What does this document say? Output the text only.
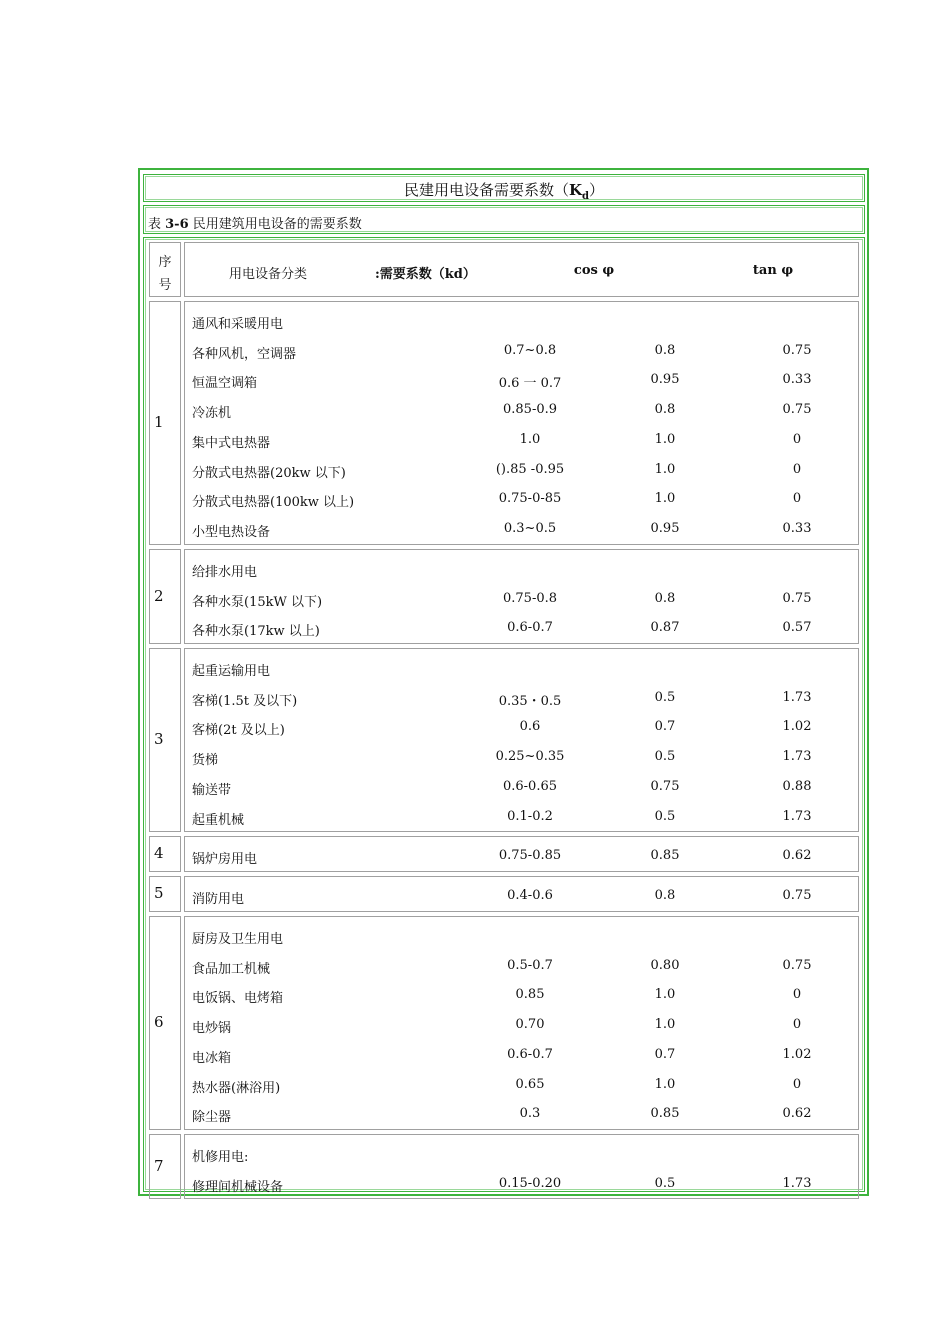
民建用电设备需要系数$(K_d)$
表 3-6 民用建筑用电设备的需要系数
序
号
用电设备分类	:需要系数（kd）	cos φ	tan φ
1
通风和采暖用电
各种风机，空调器	0.7~0.8	0.8	0.75
恒温空调箱	0.6 一 0.7	0.95	0.33
冷冻机	0.85-0.9	0.8	0.75
集中式电热器	1.0	1.0	0
分散式电热器(20kw 以下)	().85 -0.95	1.0	0
分散式电热器(100kw 以上)	0.75-0-85	1.0	0
小型电热设备	0.3~0.5	0.95	0.33
2
给排水用电
各种水泵(15kW 以下)	0.75-0.8	0.8	0.75
各种水泵(17kw 以上)	0.6-0.7	0.87	0.57
3
起重运输用电
客梯(1.5t 及以下)	0.35・0.5	0.5	1.73
客梯(2t 及以上)	0.6	0.7	1.02
货梯	0.25~0.35	0.5	1.73
输送带	0.6-0.65	0.75	0.88
起重机械	0.1-0.2	0.5	1.73
4 锅炉房用电	0.75-0.85	0.85	0.62
5 消防用电	0.4-0.6	0.8	0.75
6
厨房及卫生用电
食品加工机械	0.5-0.7	0.80	0.75
电饭锅、电烤箱	0.85	1.0	0
电炒锅	0.70	1.0	0
电冰箱	0.6-0.7	0.7	1.02
热水器(淋浴用)	0.65	1.0	0
除尘器	0.3	0.85	0.62
7 机修用电:
修理间机械设备	0.15-0.20	0.5	1.73
